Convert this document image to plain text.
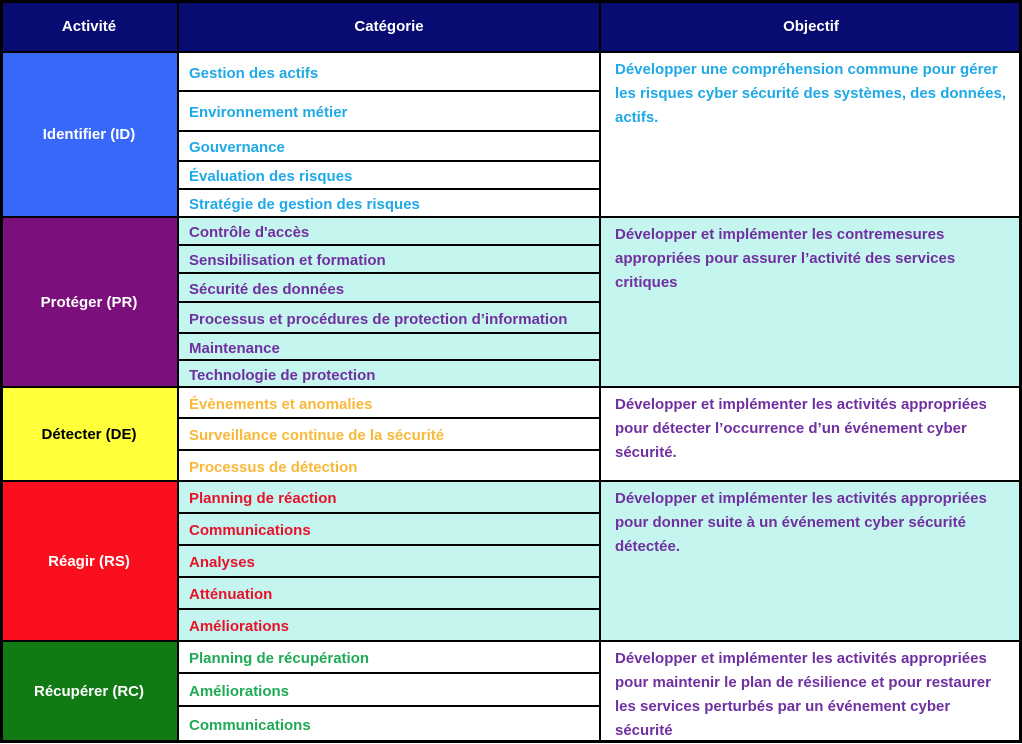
Activité	Catégorie	Objectif
Identifier (ID)
Développer une compréhension commune pour gérer les risques cyber sécurité des systèmes, des données, actifs.
Gestion des actifs
Environnement métier
Gouvernance
Évaluation des risques
Stratégie de gestion des risques
Protéger (PR)
Développer et implémenter les contremesures appropriées pour assurer l’activité des services critiques
Contrôle d'accès
Sensibilisation et formation
Sécurité des données
Processus et procédures de protection d’information
Maintenance
Technologie de protection
Détecter (DE)
Développer et implémenter les activités appropriées pour détecter l’occurrence d’un événement cyber sécurité.
Évènements et anomalies
Surveillance continue de la sécurité
Processus de détection
Réagir (RS)
Développer et implémenter les activités appropriées pour donner suite à un événement cyber sécurité détectée.
Planning de réaction
Communications
Analyses
Atténuation
Améliorations
Récupérer (RC)
Développer et implémenter les activités appropriées pour maintenir le plan de résilience et pour restaurer les services perturbés par un événement cyber sécurité
Planning de récupération
Améliorations
Communications
